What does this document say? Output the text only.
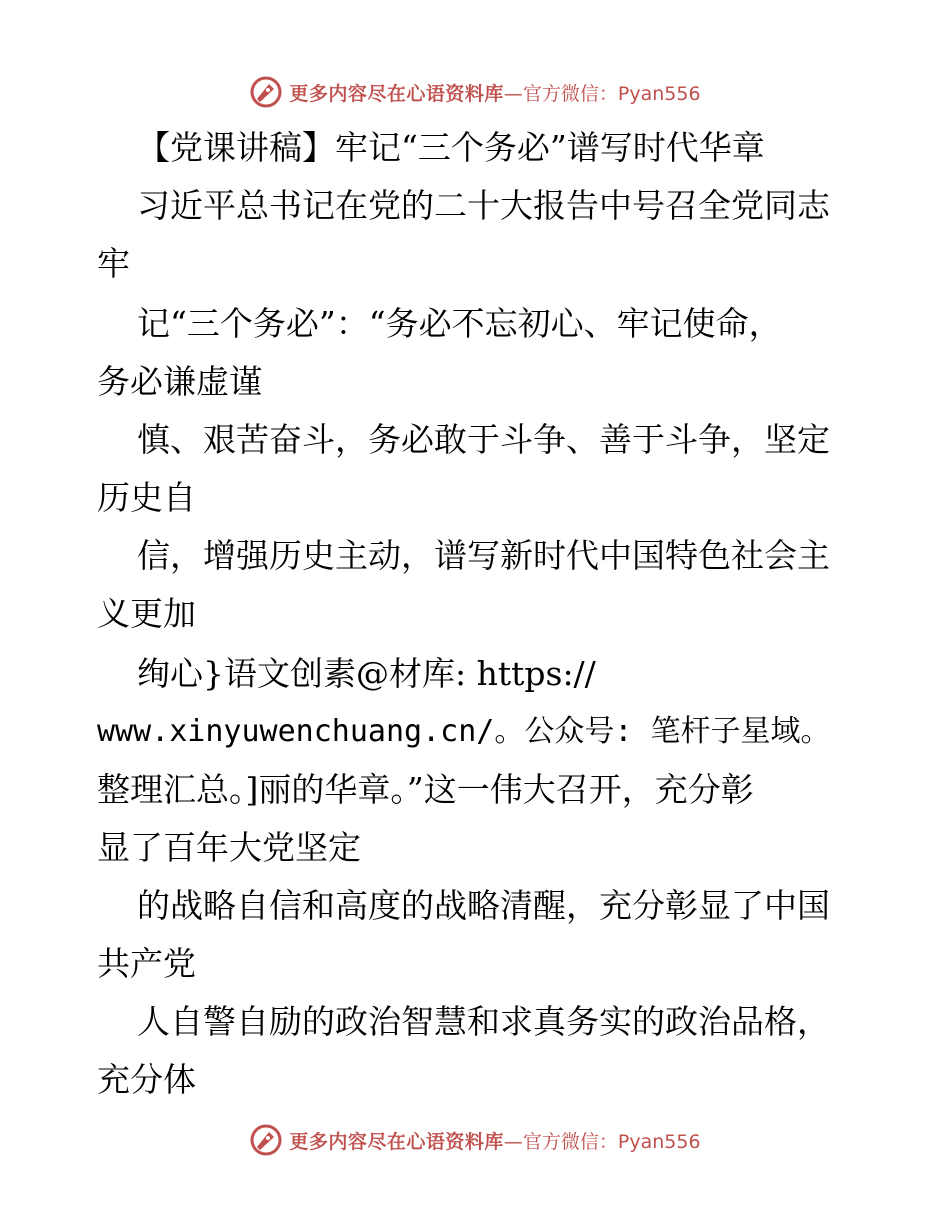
更多内容尽在心语资料库 —官方微信：Pyan556
【党课讲稿】牢记“三个务必”谱写时代华章
习近平总书记在党的二十大报告中号召全党同志
牢
记“三个务必”：“务必不忘初心、牢记使命，
务必谦虚谨
慎、艰苦奋斗，务必敢于斗争、善于斗争，坚定
历史自
信，增强历史主动，谱写新时代中国特色社会主
义更加
绚心}语文创素@材库: https://
www.xinyuwenchuang.cn/。公众号: 笔杆子星域。
整理汇总。]丽的华章。”这一伟大召开，充分彰
显了百年大党坚定
的战略自信和高度的战略清醒，充分彰显了中国
共产党
人自警自励的政治智慧和求真务实的政治品格，
充分体
更多内容尽在心语资料库 —官方微信：Pyan556
